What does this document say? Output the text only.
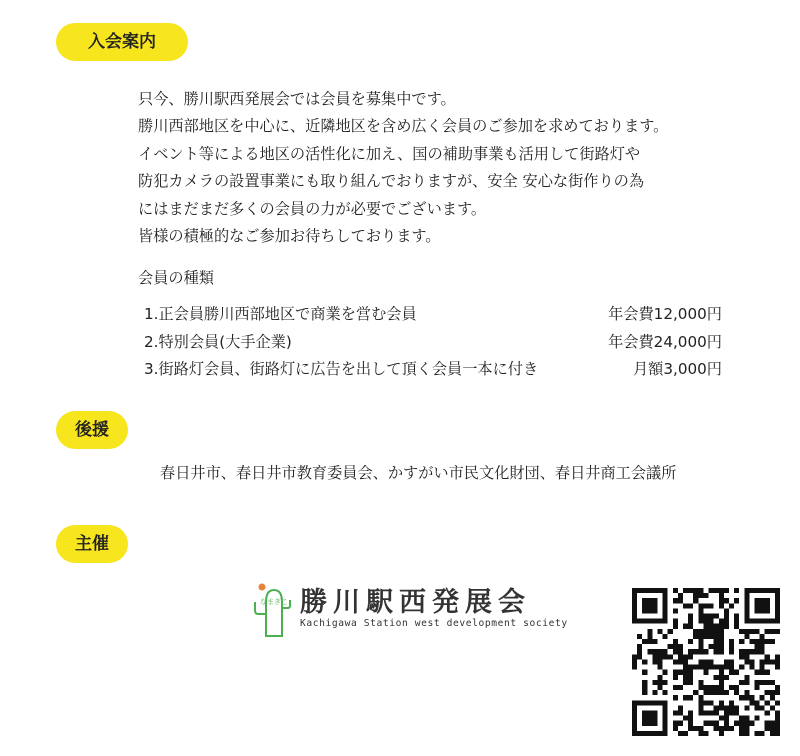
入会案内

只今、勝川駅西発展会では会員を募集中です。

勝川西部地区を中心に、近隣地区を含め広く会員のご参加を求めております。

イベント等による地区の活性化に加え、国の補助事業も活用して街路灯や

防犯カメラの設置事業にも取り組んでおりますが、安全 安心な街作りの為

にはまだまだ多くの会員の力が必要でございます。

皆様の積極的なご参加お待ちしております。

会員の種類
1.正会員勝川西部地区で商業を営む会員	年会費12,000円
2.特別会員(大手企業)	年会費24,000円
3.街路灯会員、街路灯に広告を出して頂く会員一本に付き	月額3,000円
後援
春日井市、春日井市教育委員会、かすがい市民文化財団、春日井商工会議所
主催
なまぎこ 勝川駅西発展会
Kachigawa Station west development society
